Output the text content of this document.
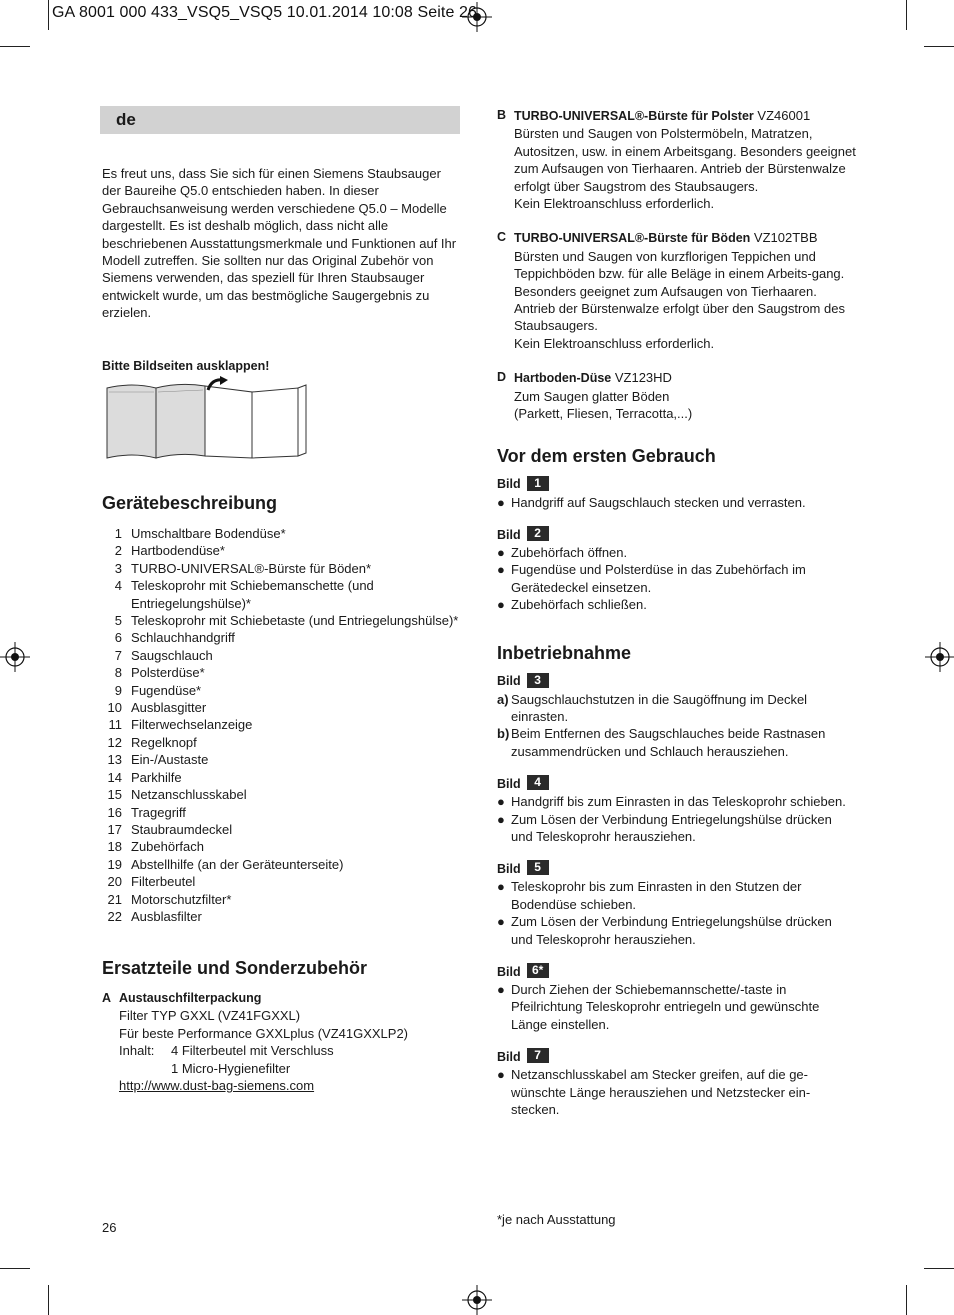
GA 8001 000 433_VSQ5_VSQ5 10.01.2014 10:08 Seite 26
de

Es freut uns, dass Sie sich für einen Siemens Staubsauger der Baureihe Q5.0 entschieden haben. In dieser Gebrauchsanweisung werden verschiedene Q5.0 – Modelle dargestellt. Es ist deshalb möglich, dass nicht alle beschriebenen Ausstattungsmerkmale und Funktionen auf Ihr Modell zutreffen. Sie sollten nur das Original Zubehör von Siemens verwenden, das speziell für Ihren Staubsauger entwickelt wurde, um das bestmögliche Saugergebnis zu erzielen.

Bitte Bildseiten ausklappen!
Gerätebeschreibung
1 Umschaltbare Bodendüse*
2 Hartbodendüse*
3 TURBO-UNIVERSAL®-Bürste für Böden*
4 Teleskoprohr mit Schiebemanschette (und Entriegelungshülse)*
5 Teleskoprohr mit Schiebetaste (und Entriegelungshülse)*
6 Schlauchhandgriff
7 Saugschlauch
8 Polsterdüse*
9 Fugendüse*
10 Ausblasgitter
11 Filterwechselanzeige
12 Regelknopf
13 Ein-/Austaste
14 Parkhilfe
15 Netzanschlusskabel
16 Tragegriff
17 Staubraumdeckel
18 Zubehörfach
19 Abstellhilfe (an der Geräteunterseite)
20 Filterbeutel
21 Motorschutzfilter*
22 Ausblasfilter
Ersatzteile und Sonderzubehör
A Austauschfilterpackung
Filter TYP GXXL (VZ41FGXXL)
Für beste Performance GXXLplus (VZ41GXXLP2)
Inhalt:	4 Filterbeutel mit Verschluss
1 Micro-Hygienefilter
http://www.dust-bag-siemens.com
26
B TURBO-UNIVERSAL®-Bürste für Polster VZ46001
Bürsten und Saugen von Polstermöbeln, Matratzen, Autositzen, usw. in einem Arbeitsgang. Besonders geeignet zum Aufsaugen von Tierhaaren. Antrieb der Bürstenwalze erfolgt über Saugstrom des Staubsaugers.
Kein Elektroanschluss erforderlich.
C TURBO-UNIVERSAL®-Bürste für Böden VZ102TBB
Bürsten und Saugen von kurzflorigen Teppichen und Teppichböden bzw. für alle Beläge in einem Arbeits-gang. Besonders geeignet zum Aufsaugen von Tierhaaren. Antrieb der Bürstenwalze erfolgt über den Saugstrom des Staubsaugers.
Kein Elektroanschluss erforderlich.
D Hartboden-Düse VZ123HD
Zum Saugen glatter Böden
(Parkett, Fliesen, Terracotta,...)
Vor dem ersten Gebrauch
Bild	1
● Handgriff auf Saugschlauch stecken und verrasten.
Bild	2
● Zubehörfach öffnen.
● Fugendüse und Polsterdüse in das Zubehörfach im Gerätedeckel einsetzen.
● Zubehörfach schließen.
Inbetriebnahme
Bild	3
a) Saugschlauchstutzen in die Saugöffnung im Deckel einrasten.
b) Beim Entfernen des Saugschlauches beide Rastnasen zusammendrücken und Schlauch herausziehen.
Bild	4
● Handgriff bis zum Einrasten in das Teleskoprohr schieben.
● Zum Lösen der Verbindung Entriegelungshülse drücken und Teleskoprohr herausziehen.
Bild	5
● Teleskoprohr bis zum Einrasten in den Stutzen der Bodendüse schieben.
● Zum Lösen der Verbindung Entriegelungshülse drücken und Teleskoprohr herausziehen.
Bild 6*
● Durch Ziehen der Schiebemannschette/-taste in Pfeilrichtung Teleskoprohr entriegeln und gewünschte Länge einstellen.
Bild	7
● Netzanschlusskabel am Stecker greifen, auf die ge-wünschte Länge herausziehen und Netzstecker ein-stecken.
*je nach Ausstattung
